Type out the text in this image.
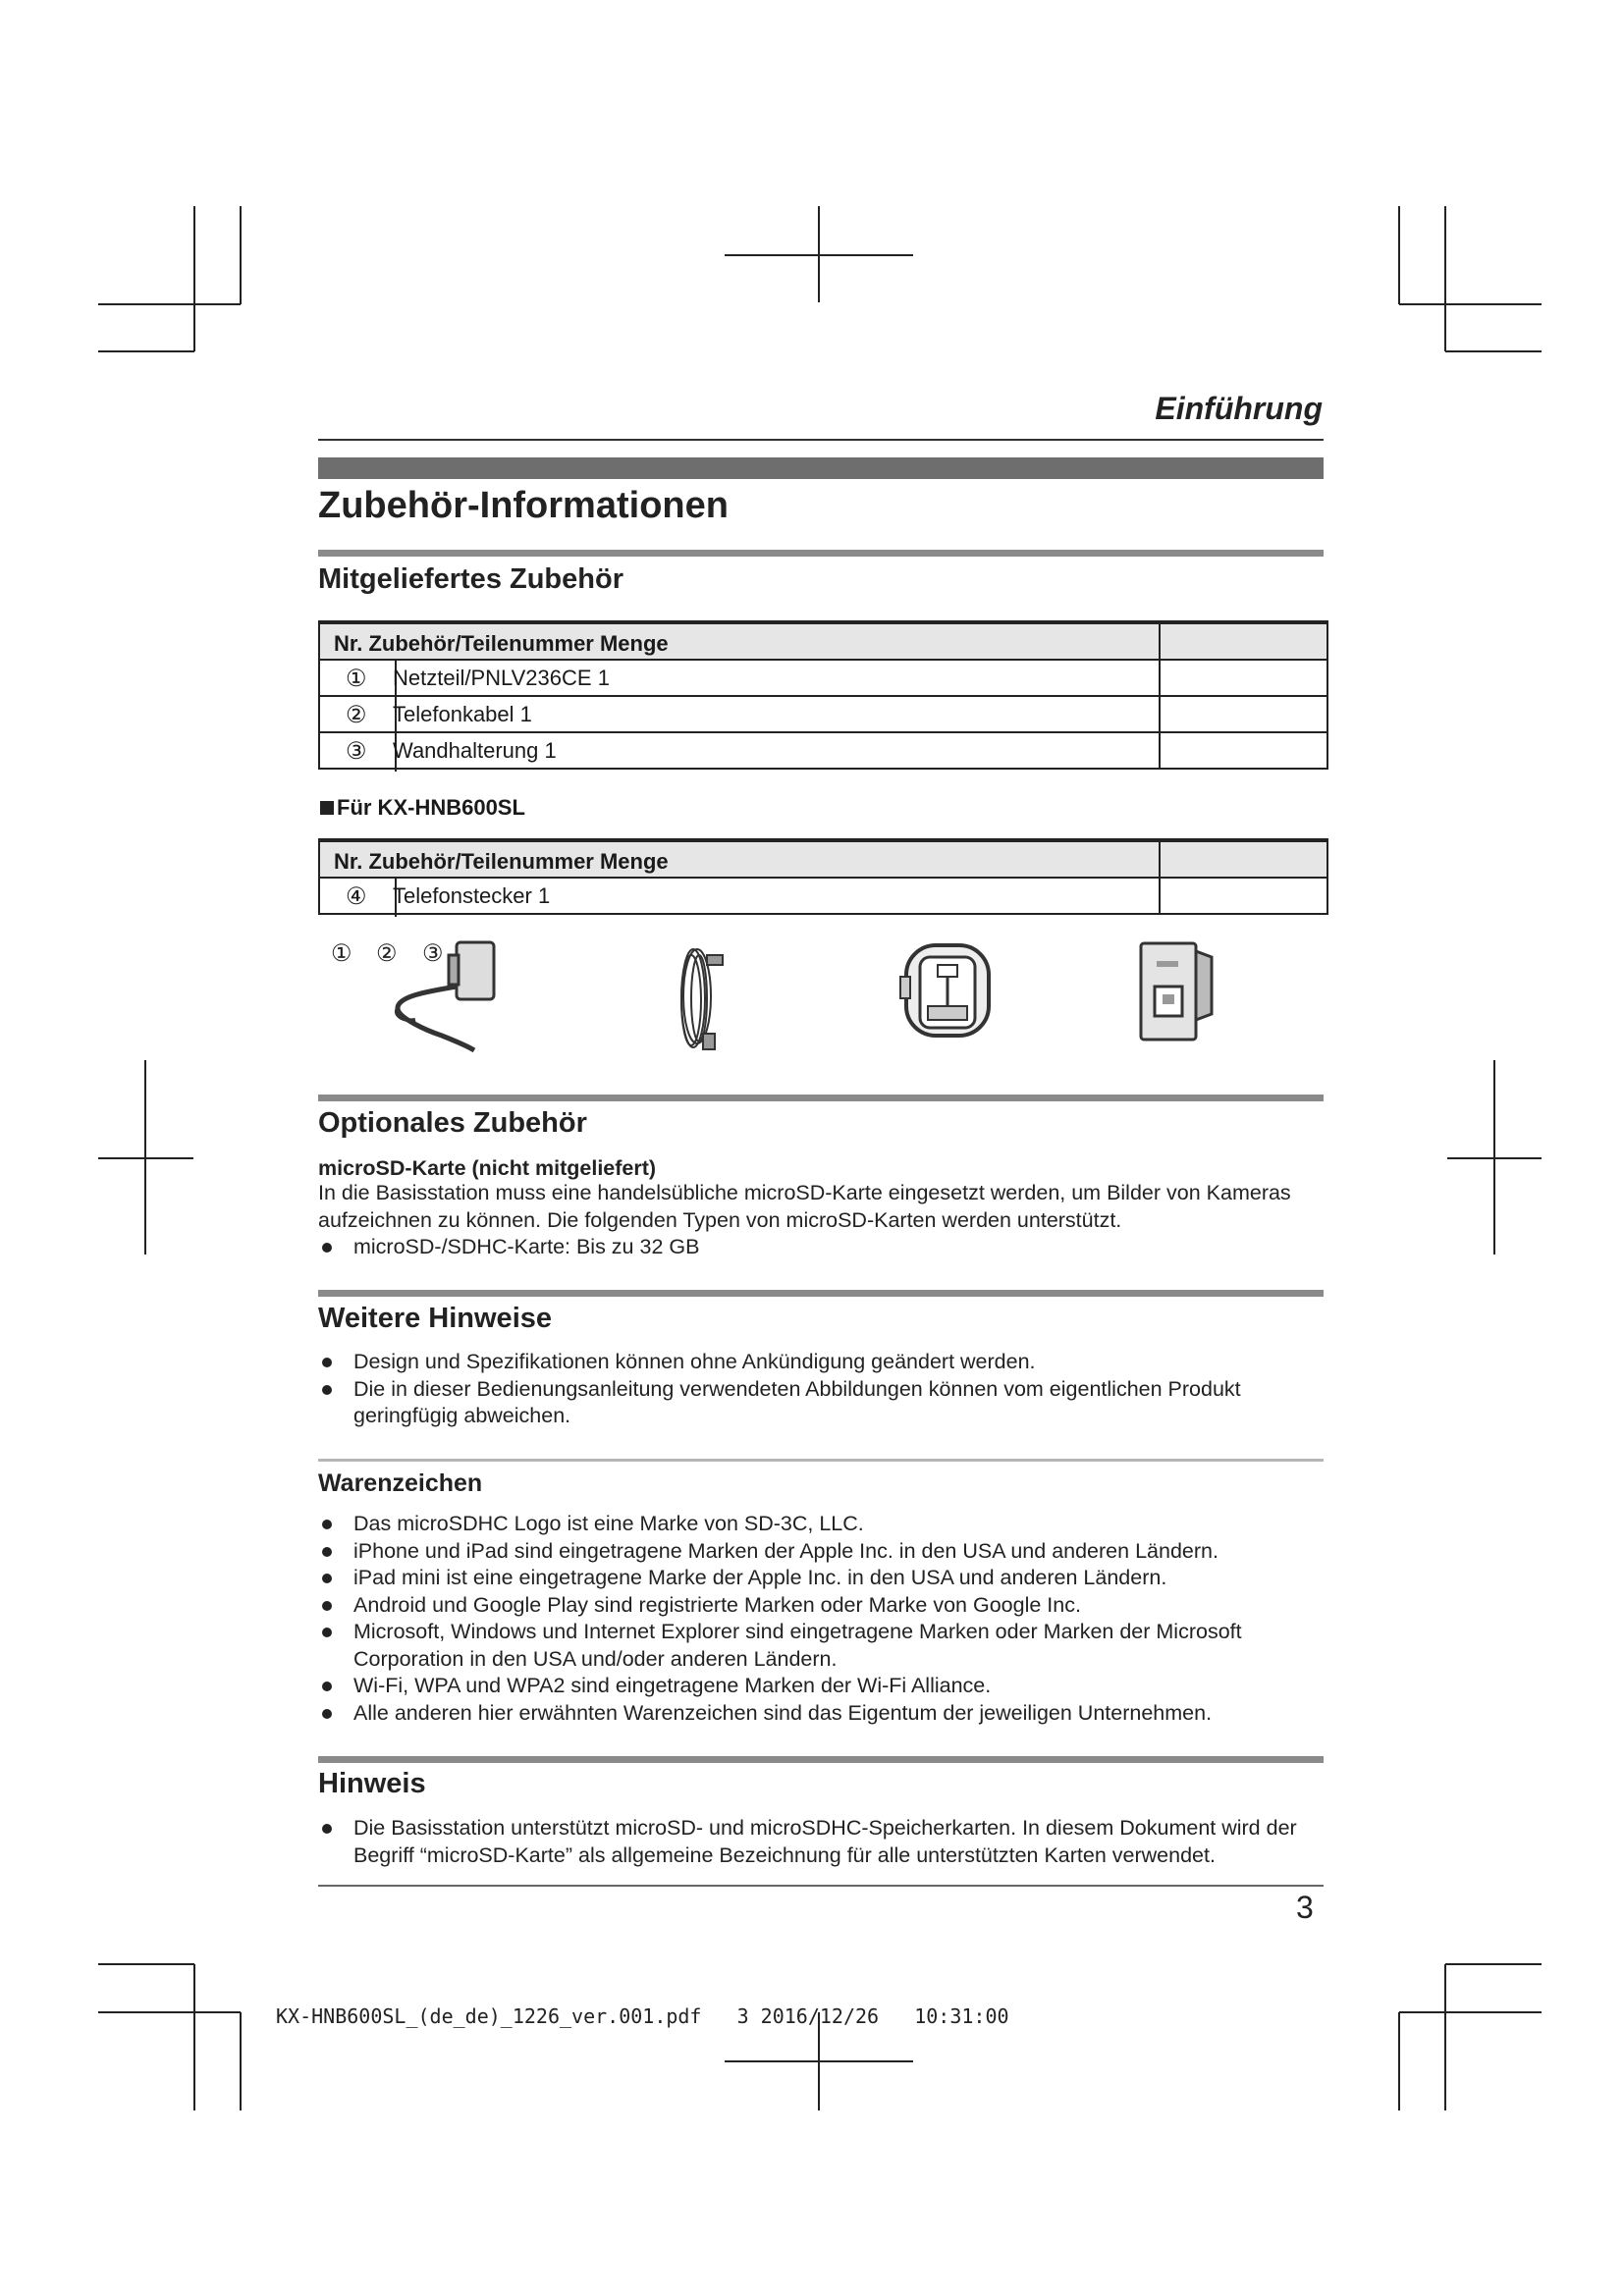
Einführung
Zubehör-Informationen
Mitgeliefertes Zubehör
Nr. Zubehör/Teilenummer Menge
① Netzteil/PNLV236CE 1
② Telefonkabel 1
③ Wandhalterung 1
Für KX-HNB600SL
Nr. Zubehör/Teilenummer Menge
④ Telefonstecker 1
① ② ③
Optionales Zubehör
microSD-Karte (nicht mitgeliefert)
In die Basisstation muss eine handelsübliche microSD-Karte eingesetzt werden, um Bilder von Kameras
aufzeichnen zu können. Die folgenden Typen von microSD-Karten werden unterstützt.
microSD-/SDHC-Karte: Bis zu 32 GB
Weitere Hinweise
Design und Spezifikationen können ohne Ankündigung geändert werden.
Die in dieser Bedienungsanleitung verwendeten Abbildungen können vom eigentlichen Produkt geringfügig abweichen.
Warenzeichen
Das microSDHC Logo ist eine Marke von SD-3C, LLC.
iPhone und iPad sind eingetragene Marken der Apple Inc. in den USA und anderen Ländern.
iPad mini ist eine eingetragene Marke der Apple Inc. in den USA und anderen Ländern.
Android und Google Play sind registrierte Marken oder Marke von Google Inc.
Microsoft, Windows und Internet Explorer sind eingetragene Marken oder Marken der Microsoft Corporation in den USA und/oder anderen Ländern.
Wi-Fi, WPA und WPA2 sind eingetragene Marken der Wi-Fi Alliance.
Alle anderen hier erwähnten Warenzeichen sind das Eigentum der jeweiligen Unternehmen.
Hinweis
Die Basisstation unterstützt microSD- und microSDHC-Speicherkarten. In diesem Dokument wird der Begriff “microSD-Karte” als allgemeine Bezeichnung für alle unterstützten Karten verwendet.
3
KX-HNB600SL_(de_de)_1226_ver.001.pdf   3 2016/12/26   10:31:00
